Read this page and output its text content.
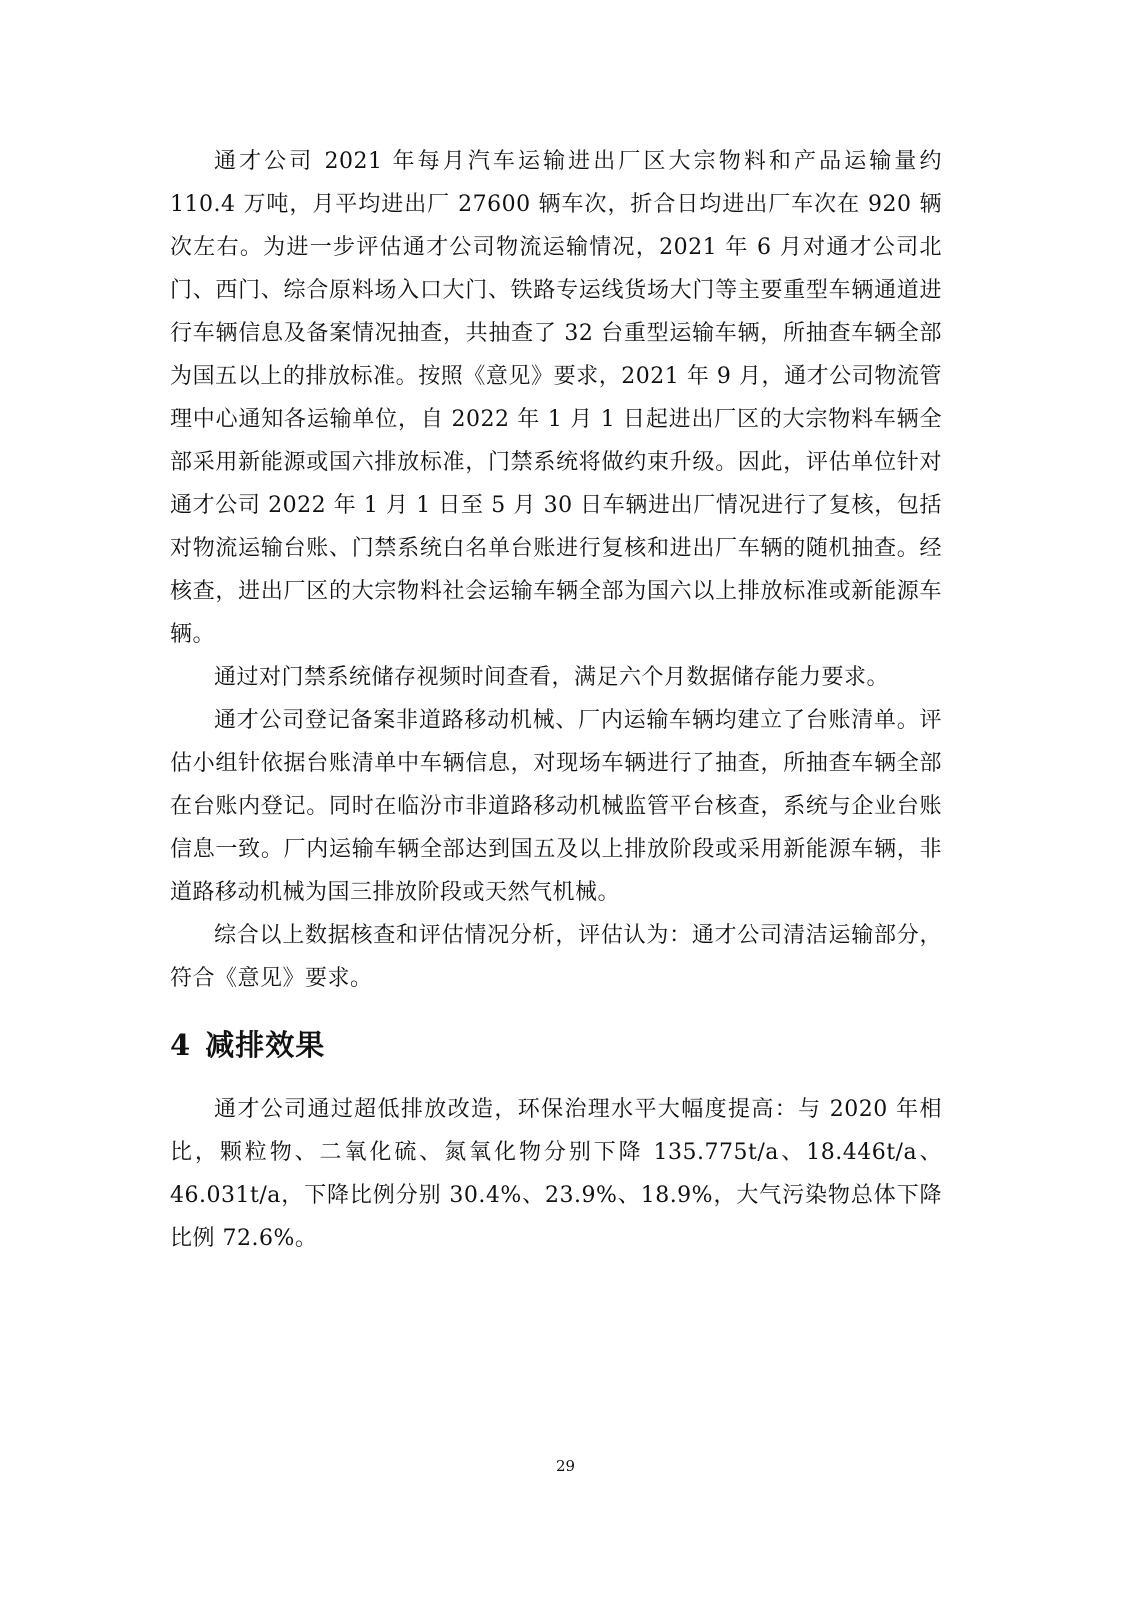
通才公司 2021 年每月汽车运输进出厂区大宗物料和产品运输量约 110.4 万吨，月平均进出厂 27600 辆车次，折合日均进出厂车次在 920 辆次左右。为进一步评估通才公司物流运输情况，2021 年 6 月对通才公司北门、西门、综合原料场入口大门、铁路专运线货场大门等主要重型车辆通道进行车辆信息及备案情况抽查，共抽查了 32 台重型运输车辆，所抽查车辆全部为国五以上的排放标准。按照《意见》要求，2021 年 9 月，通才公司物流管理中心通知各运输单位，自 2022 年 1 月 1 日起进出厂区的大宗物料车辆全部采用新能源或国六排放标准，门禁系统将做约束升级。因此，评估单位针对通才公司 2022 年 1 月 1 日至 5 月 30 日车辆进出厂情况进行了复核，包括对物流运输台账、门禁系统白名单台账进行复核和进出厂车辆的随机抽查。经核查，进出厂区的大宗物料社会运输车辆全部为国六以上排放标准或新能源车辆。

通过对门禁系统储存视频时间查看，满足六个月数据储存能力要求。

通才公司登记备案非道路移动机械、厂内运输车辆均建立了台账清单。评估小组针依据台账清单中车辆信息，对现场车辆进行了抽查，所抽查车辆全部在台账内登记。同时在临汾市非道路移动机械监管平台核查，系统与企业台账信息一致。厂内运输车辆全部达到国五及以上排放阶段或采用新能源车辆，非道路移动机械为国三排放阶段或天然气机械。

综合以上数据核查和评估情况分析，评估认为：通才公司清洁运输部分，符合《意见》要求。

4 减排效果

通才公司通过超低排放改造，环保治理水平大幅度提高：与 2020 年相比，颗粒物、二氧化硫、氮氧化物分别下降 135.775t/a、18.446t/a、46.031t/a，下降比例分别 30.4%、23.9%、18.9%，大气污染物总体下降比例 72.6%。

29
